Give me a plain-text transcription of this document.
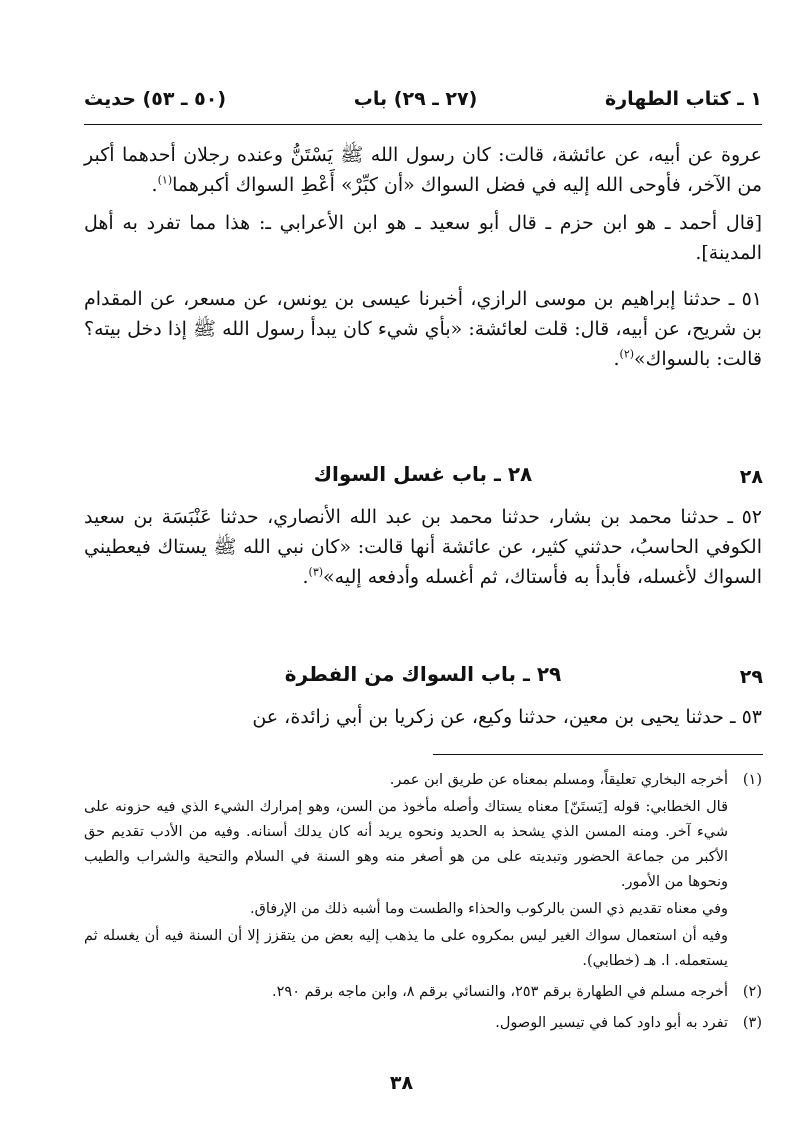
١ ـ كتاب الطهارة
(٢٧ ـ ٢٩) باب
(٥٠ ـ ٥٣) حديث

عروة عن أبيه، عن عائشة، قالت: كان رسول الله ﷺ يَسْتَنُّ وعنده رجلان أحدهما أكبر من الآخر، فأوحى الله إليه في فضل السواك «أن كبِّرْ» أَعْطِ السواك أكبرهما$^{(١)}$.

[قال أحمد ـ هو ابن حزم ـ قال أبو سعيد ـ هو ابن الأعرابي ـ: هذا مما تفرد به أهل المدينة].

٥١ ـ حدثنا إبراهيم بن موسى الرازي، أخبرنا عيسى بن يونس، عن مسعر، عن المقدام بن شريح، عن أبيه، قال: قلت لعائشة: «بأي شيء كان يبدأ رسول الله ﷺ إذا دخل بيته؟ قالت: بالسواك»$^{(٢)}$.

٢٨
٢٨ ـ باب غسل السواك

٥٢ ـ حدثنا محمد بن بشار، حدثنا محمد بن عبد الله الأنصاري، حدثنا عَنْبَسَة بن سعيد الكوفي الحاسبُ، حدثني كثير، عن عائشة أنها قالت: «كان نبي الله ﷺ يستاك فيعطيني السواك لأغسله، فأبدأ به فأستاك، ثم أغسله وأدفعه إليه»$^{(٣)}$.

٢٩
٢٩ ـ باب السواك من الفطرة

٥٣ ـ حدثنا يحيى بن معين، حدثنا وكيع، عن زكريا بن أبي زائدة، عن

(١)

أخرجه البخاري تعليقاً، ومسلم بمعناه عن طريق ابن عمر.

قال الخطابي: قوله [يَستَنّ] معناه يستاك وأصله مأخوذ من السن، وهو إمرارك الشيء الذي فيه حزونه على شيء آخر. ومنه المسن الذي يشحذ به الحديد ونحوه يريد أنه كان يدلك أسنانه. وفيه من الأدب تقديم حق الأكبر من جماعة الحضور وتبديته على من هو أصغر منه وهو السنة في السلام والتحية والشراب والطيب ونحوها من الأمور.

وفي معناه تقديم ذي السن بالركوب والحذاء والطست وما أشبه ذلك من الإرفاق.

وفيه أن استعمال سواك الغير ليس بمكروه على ما يذهب إليه بعض من يتقزز إلا أن السنة فيه أن يغسله ثم يستعمله. ا. هـ (خطابي).

(٢)

أخرجه مسلم في الطهارة برقم ٢٥٣، والنسائي برقم ٨، وابن ماجه برقم ٢٩٠.

(٣)

تفرد به أبو داود كما في تيسير الوصول.

٣٨
